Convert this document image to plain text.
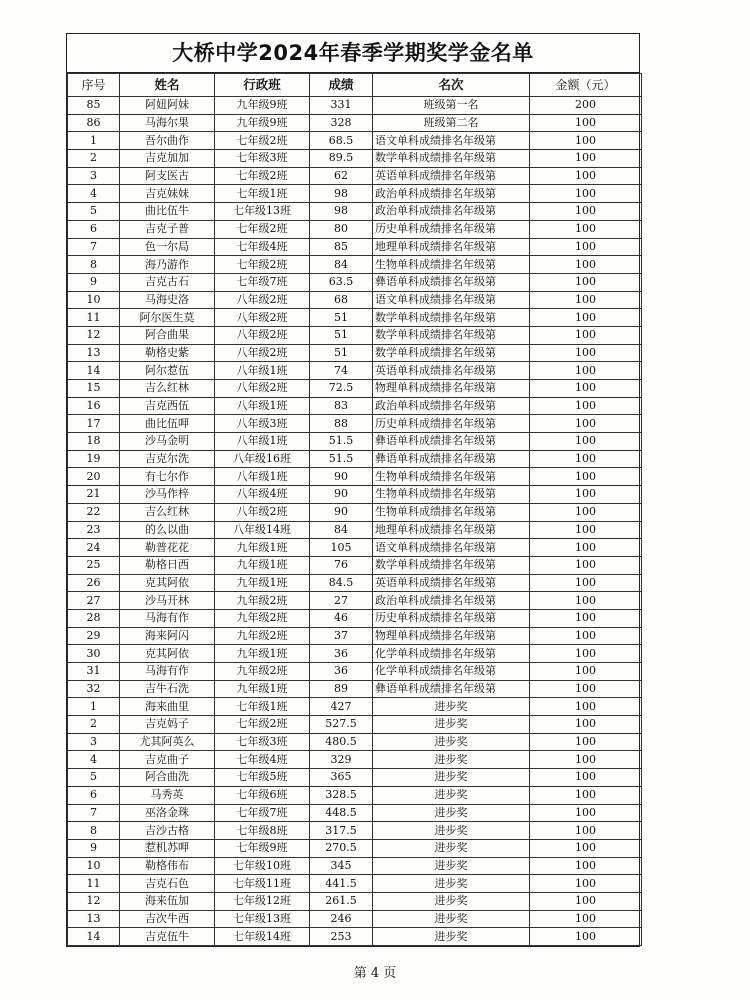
大桥中学2024年春季学期奖学金名单
序号	姓名	行政班	成绩	名次	金额（元）
85	阿妞阿妹	九年级9班	331	班级第一名	200
86	马海尔果	九年级9班	328	班级第二名	100
1	吾尔曲作	七年级2班	68.5	语文单科成绩排名年级第	100
2	吉克加加	七年级3班	89.5	数学单科成绩排名年级第	100
3	阿支医古	七年级2班	62	英语单科成绩排名年级第	100
4	吉克妹妹	七年级1班	98	政治单科成绩排名年级第	100
5	曲比伍牛	七年级13班	98	政治单科成绩排名年级第	100
6	吉克子普	七年级2班	80	历史单科成绩排名年级第	100
7	色一尔局	七年级4班	85	地理单科成绩排名年级第	100
8	海乃游作	七年级2班	84	生物单科成绩排名年级第	100
9	吉克古石	七年级7班	63.5	彝语单科成绩排名年级第	100
10	马海史洛	八年级2班	68	语文单科成绩排名年级第	100
11	阿尔医生莫	八年级2班	51	数学单科成绩排名年级第	100
12	阿合曲果	八年级2班	51	数学单科成绩排名年级第	100
13	勒格史紫	八年级2班	51	数学单科成绩排名年级第	100
14	阿尔惹伍	八年级1班	74	英语单科成绩排名年级第	100
15	吉么红林	八年级2班	72.5	物理单科成绩排名年级第	100
16	吉克西伍	八年级1班	83	政治单科成绩排名年级第	100
17	曲比伍呷	八年级3班	88	历史单科成绩排名年级第	100
18	沙马金明	八年级1班	51.5	彝语单科成绩排名年级第	100
19	吉克尔洗	八年级16班	51.5	彝语单科成绩排名年级第	100
20	有七尔作	八年级1班	90	生物单科成绩排名年级第	100
21	沙马作梓	八年级4班	90	生物单科成绩排名年级第	100
22	吉么红林	八年级2班	90	生物单科成绩排名年级第	100
23	的么以曲	八年级14班	84	地理单科成绩排名年级第	100
24	勒普花花	九年级1班	105	语文单科成绩排名年级第	100
25	勒格日西	九年级1班	76	数学单科成绩排名年级第	100
26	克其阿依	九年级1班	84.5	英语单科成绩排名年级第	100
27	沙马开林	九年级2班	27	政治单科成绩排名年级第	100
28	马海有作	九年级2班	46	历史单科成绩排名年级第	100
29	海来阿闪	九年级2班	37	物理单科成绩排名年级第	100
30	克其阿依	九年级1班	36	化学单科成绩排名年级第	100
31	马海有作	九年级2班	36	化学单科成绩排名年级第	100
32	吉牛石洗	九年级1班	89	彝语单科成绩排名年级第	100
1	海来曲里	七年级1班	427	进步奖	100
2	吉克妈子	七年级2班	527.5	进步奖	100
3	尤其阿英么	七年级3班	480.5	进步奖	100
4	吉克曲子	七年级4班	329	进步奖	100
5	阿合曲洗	七年级5班	365	进步奖	100
6	马秀英	七年级6班	328.5	进步奖	100
7	巫洛金珠	七年级7班	448.5	进步奖	100
8	吉沙古格	七年级8班	317.5	进步奖	100
9	惹机苏呷	七年级9班	270.5	进步奖	100
10	勒格伟布	七年级10班	345	进步奖	100
11	吉克石色	七年级11班	441.5	进步奖	100
12	海来伍加	七年级12班	261.5	进步奖	100
13	吉次牛西	七年级13班	246	进步奖	100
14	吉克伍牛	七年级14班	253	进步奖	100
第 4 页
